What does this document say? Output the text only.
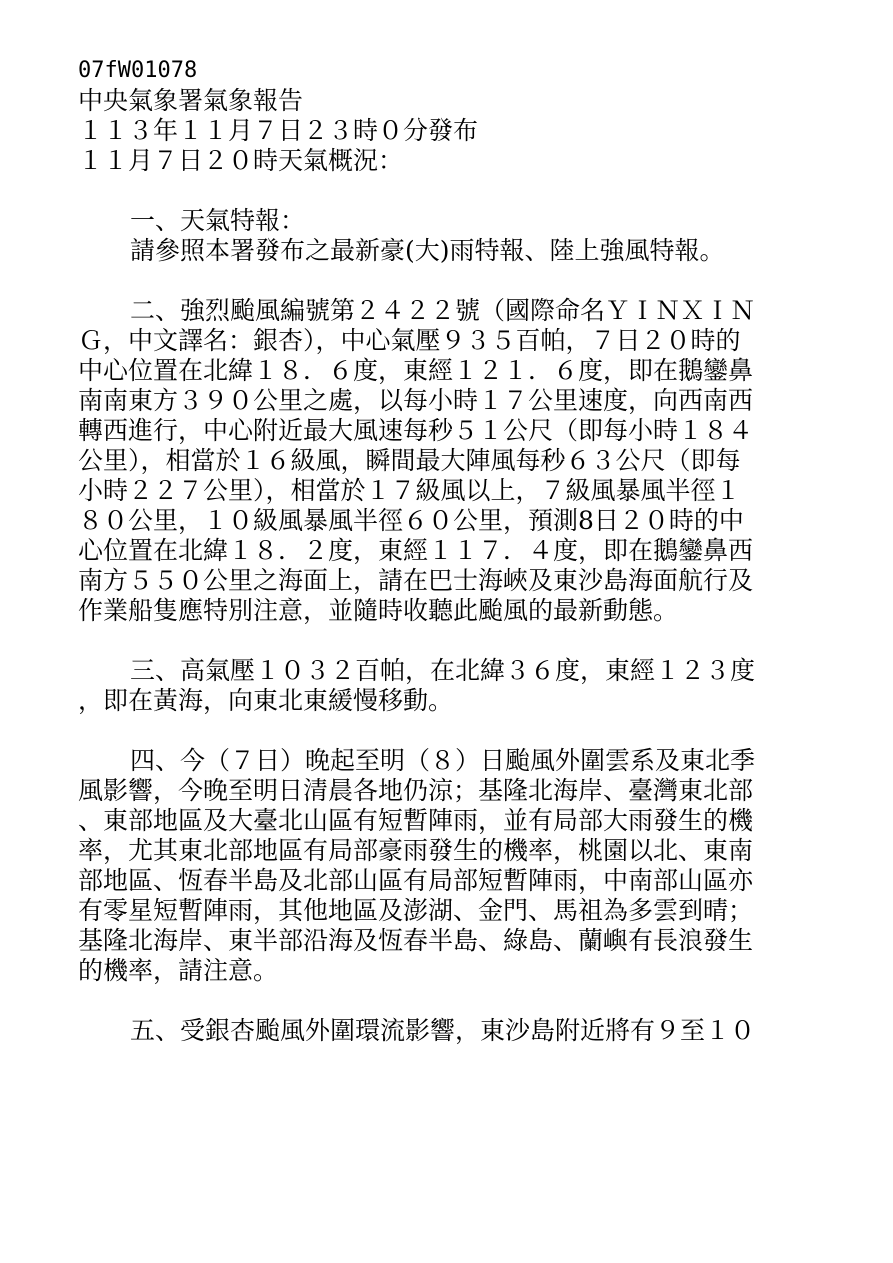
07fW01078
中央氣象署氣象報告
１１３年１１月７日２３時０分發布
１１月７日２０時天氣概況：
一、天氣特報：
請參照本署發布之最新豪(大)雨特報、陸上強風特報。
二、強烈颱風編號第２４２２號（國際命名ＹＩＮＸＩＮ
Ｇ，中文譯名：銀杏），中心氣壓９３５百帕，７日２０時的
中心位置在北緯１８．６度，東經１２１．６度，即在鵝鑾鼻
南南東方３９０公里之處，以每小時１７公里速度，向西南西
轉西進行，中心附近最大風速每秒５１公尺（即每小時１８４
公里），相當於１６級風，瞬間最大陣風每秒６３公尺（即每
小時２２７公里），相當於１７級風以上，７級風暴風半徑１
８０公里，１０級風暴風半徑６０公里，預測8日２０時的中
心位置在北緯１８．２度，東經１１７．４度，即在鵝鑾鼻西
南方５５０公里之海面上，請在巴士海峽及東沙島海面航行及
作業船隻應特別注意，並隨時收聽此颱風的最新動態。
三、高氣壓１０３２百帕，在北緯３６度，東經１２３度
，即在黃海，向東北東緩慢移動。
四、今（７日）晚起至明（８）日颱風外圍雲系及東北季
風影響，今晚至明日清晨各地仍涼；基隆北海岸、臺灣東北部
、東部地區及大臺北山區有短暫陣雨，並有局部大雨發生的機
率，尤其東北部地區有局部豪雨發生的機率，桃園以北、東南
部地區、恆春半島及北部山區有局部短暫陣雨，中南部山區亦
有零星短暫陣雨，其他地區及澎湖、金門、馬祖為多雲到晴；
基隆北海岸、東半部沿海及恆春半島、綠島、蘭嶼有長浪發生
的機率，請注意。
五、受銀杏颱風外圍環流影響，東沙島附近將有９至１０
